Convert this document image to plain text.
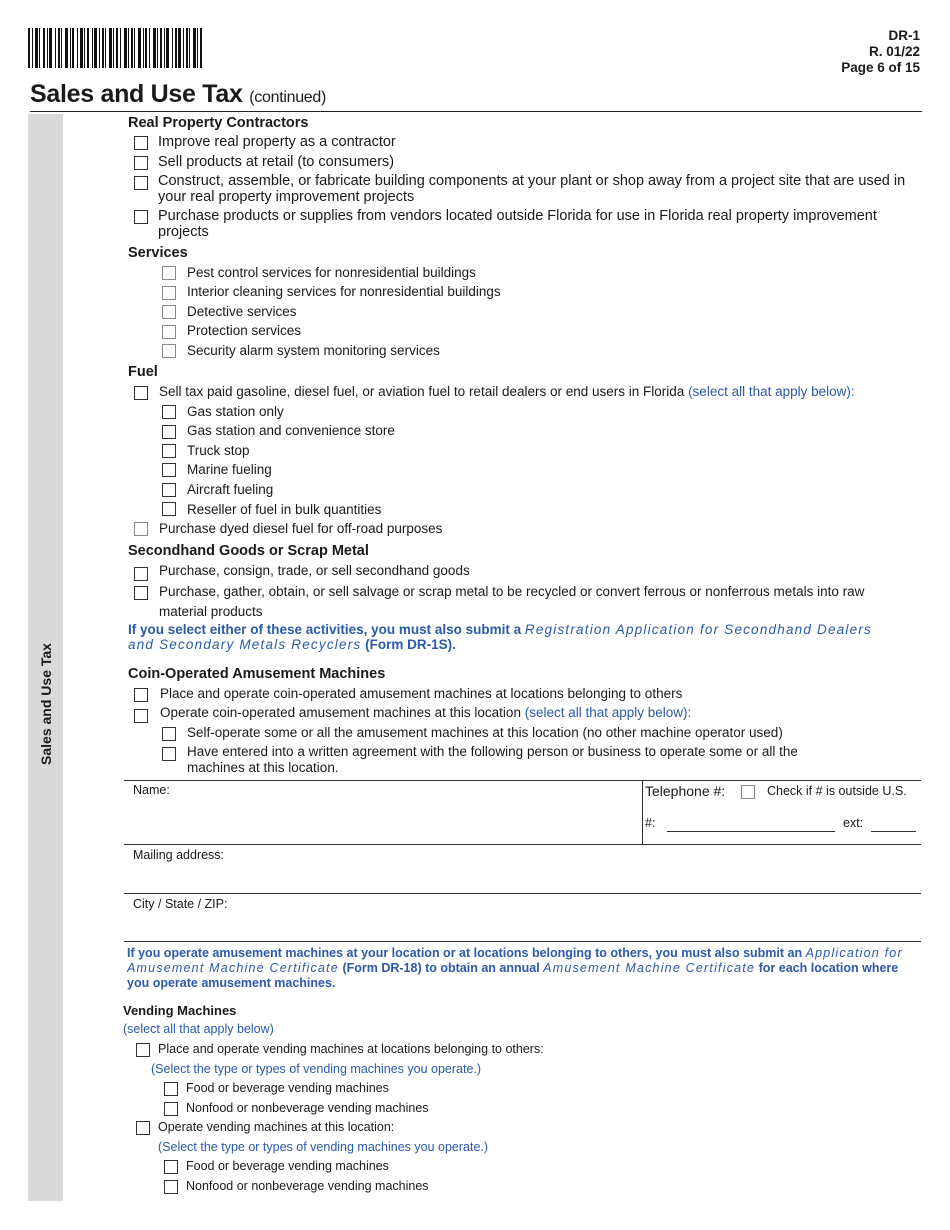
DR-1
R. 01/22
Page 6 of 15
Sales and Use Tax (continued)
Sales and Use Tax
Real Property Contractors
Improve real property as a contractor
Sell products at retail (to consumers)
Construct, assemble, or fabricate building components at your plant or shop away from a project site that are used in your real property improvement projects
Purchase products or supplies from vendors located outside Florida for use in Florida real property improvement projects
Services
Pest control services for nonresidential buildings
Interior cleaning services for nonresidential buildings
Detective services
Protection services
Security alarm system monitoring services
Fuel
Sell tax paid gasoline, diesel fuel, or aviation fuel to retail dealers or end users in Florida (select all that apply below):
Gas station only
Gas station and convenience store
Truck stop
Marine fueling
Aircraft fueling
Reseller of fuel in bulk quantities
Purchase dyed diesel fuel for off-road purposes
Secondhand Goods or Scrap Metal
Purchase, consign, trade, or sell secondhand goods
Purchase, gather, obtain, or sell salvage or scrap metal to be recycled or convert ferrous or nonferrous metals into raw material products
If you select either of these activities, you must also submit a Registration Application for Secondhand Dealers and Secondary Metals Recyclers (Form DR-1S).
Coin-Operated Amusement Machines
Place and operate coin-operated amusement machines at locations belonging to others
Operate coin-operated amusement machines at this location (select all that apply below):
Self-operate some or all the amusement machines at this location (no other machine operator used)
Have entered into a written agreement with the following person or business to operate some or all the machines at this location.
Name:	Telephone #:	Check if # is outside U.S.
#:	ext:
Mailing address:
City / State / ZIP:
If you operate amusement machines at your location or at locations belonging to others, you must also submit an Application for Amusement Machine Certificate (Form DR-18) to obtain an annual Amusement Machine Certificate for each location where you operate amusement machines.
Vending Machines
(select all that apply below)
Place and operate vending machines at locations belonging to others:
(Select the type or types of vending machines you operate.)
Food or beverage vending machines
Nonfood or nonbeverage vending machines
Operate vending machines at this location:
(Select the type or types of vending machines you operate.)
Food or beverage vending machines
Nonfood or nonbeverage vending machines
